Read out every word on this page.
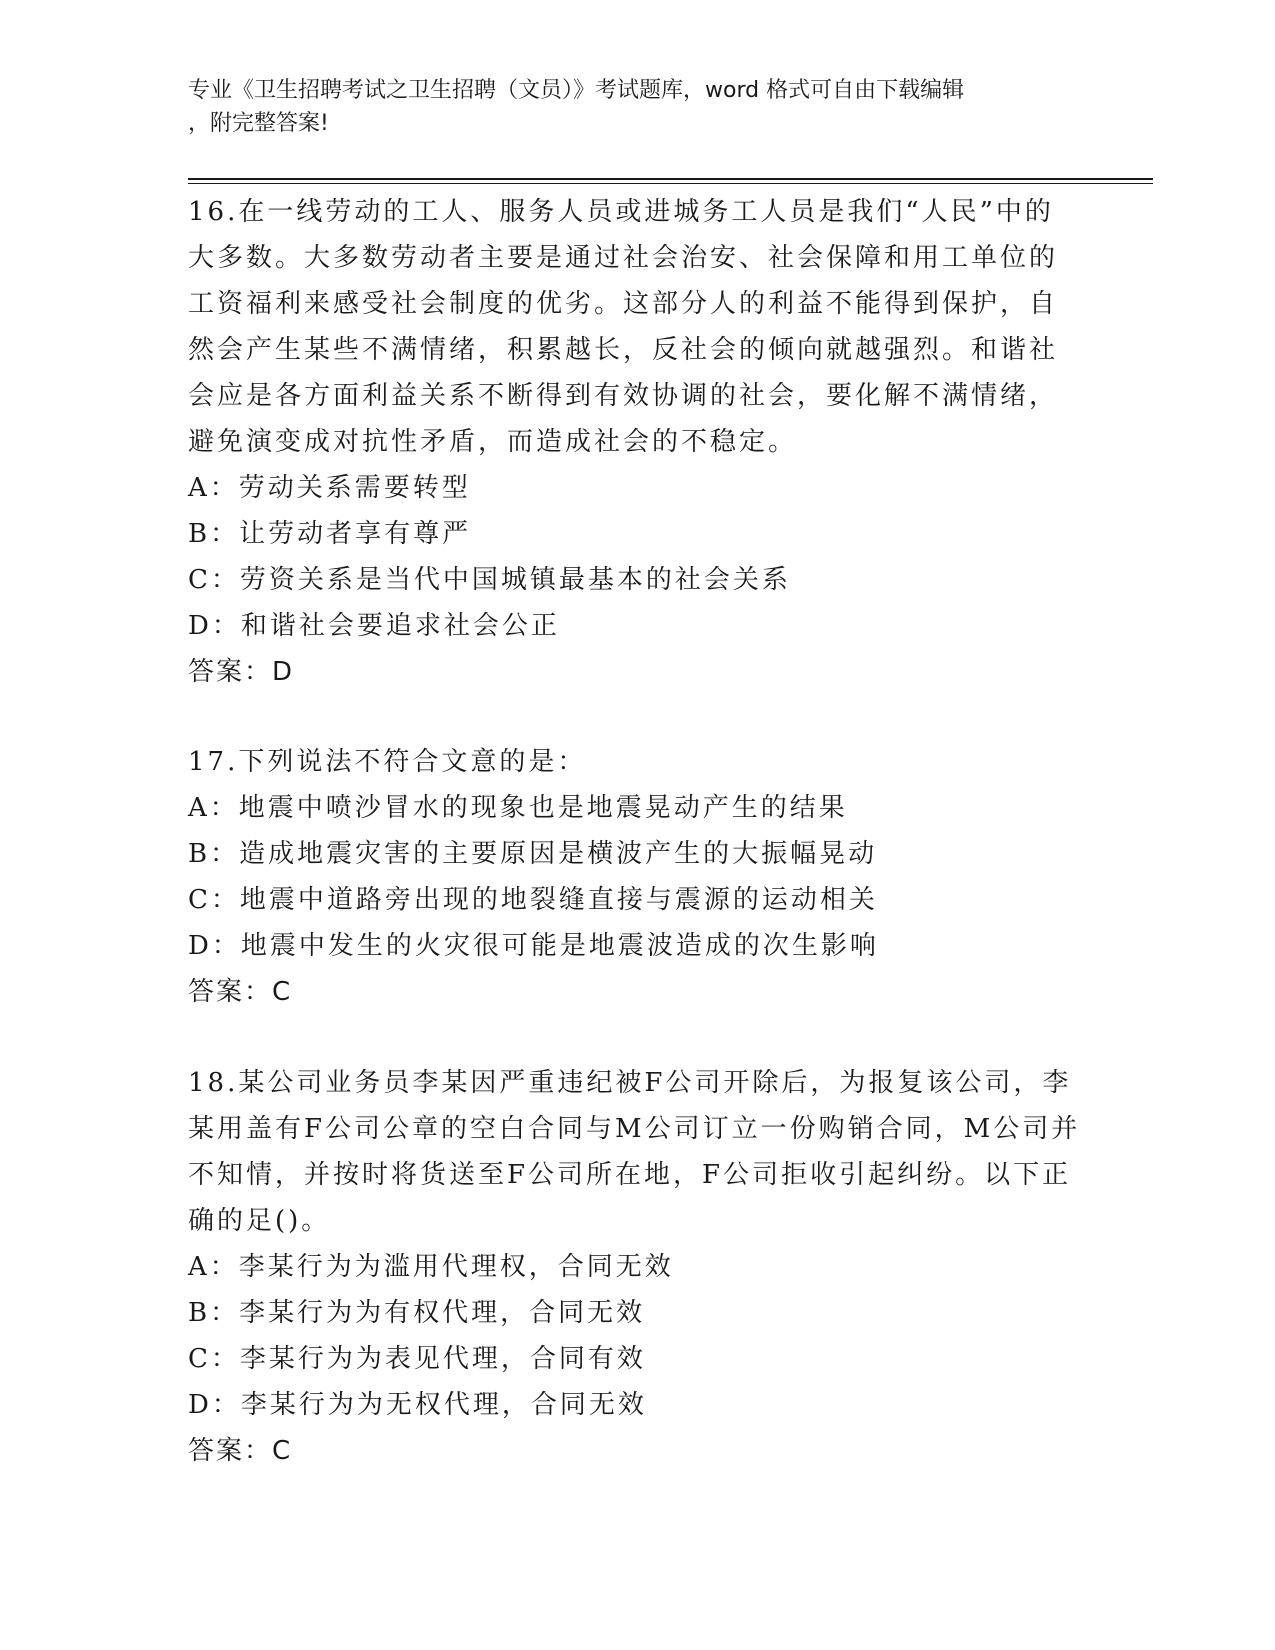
专业《卫生招聘考试之卫生招聘（文员）》考试题库，word 格式可自由下载编辑
，附完整答案!

16.在一线劳动的工人、服务人员或进城务工人员是我们“人民”中的

大多数。大多数劳动者主要是通过社会治安、社会保障和用工单位的

工资福利来感受社会制度的优劣。这部分人的利益不能得到保护，自

然会产生某些不满情绪，积累越长，反社会的倾向就越强烈。和谐社

会应是各方面利益关系不断得到有效协调的社会，要化解不满情绪，

避免演变成对抗性矛盾，而造成社会的不稳定。

A：劳动关系需要转型

B：让劳动者享有尊严

C：劳资关系是当代中国城镇最基本的社会关系

D：和谐社会要追求社会公正

答案：D

17.下列说法不符合文意的是：

A：地震中喷沙冒水的现象也是地震晃动产生的结果

B：造成地震灾害的主要原因是横波产生的大振幅晃动

C：地震中道路旁出现的地裂缝直接与震源的运动相关

D：地震中发生的火灾很可能是地震波造成的次生影响

答案：C

18.某公司业务员李某因严重违纪被F公司开除后，为报复该公司，李

某用盖有F公司公章的空白合同与M公司订立一份购销合同，M公司并

不知情，并按时将货送至F公司所在地，F公司拒收引起纠纷。以下正

确的足()。

A：李某行为为滥用代理权，合同无效

B：李某行为为有权代理，合同无效

C：李某行为为表见代理，合同有效

D：李某行为为无权代理，合同无效

答案：C
